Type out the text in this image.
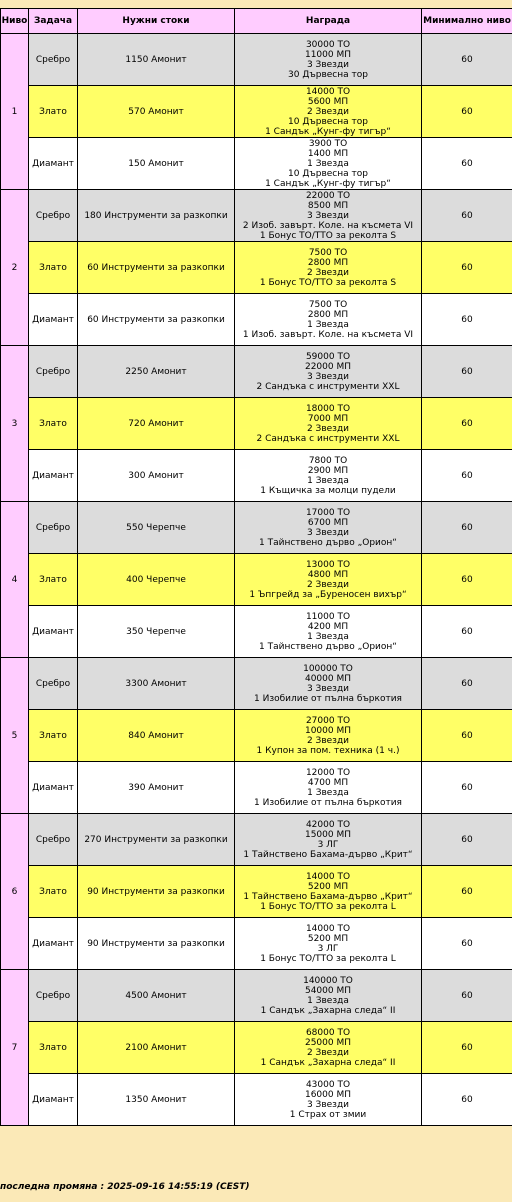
Ниво	Задача	Нужни стоки	Награда	Минимално ниво
1	Сребро	1150 Амонит	30000 ТО
11000 МП
3 Звезди
30 Дървесна тор	60
	Злато	570 Амонит	14000 ТО
5600 МП
2 Звезди
10 Дървесна тор
1 Сандък „Кунг-фу тигър“	60
	Диамант	150 Амонит	3900 ТО
1400 МП
1 Звезда
10 Дървесна тор
1 Сандък „Кунг-фу тигър“	60
2	Сребро	180 Инструменти за разкопки	22000 ТО
8500 МП
3 Звезди
2 Изоб. завърт. Коле. на късмета VI
1 Бонус ТО/ТТО за реколта S	60
	Злато	60 Инструменти за разкопки	7500 ТО
2800 МП
2 Звезди
1 Бонус ТО/ТТО за реколта S	60
	Диамант	60 Инструменти за разкопки	7500 ТО
2800 МП
1 Звезда
1 Изоб. завърт. Коле. на късмета VI	60
3	Сребро	2250 Амонит	59000 ТО
22000 МП
3 Звезди
2 Сандъка с инструменти XXL	60
	Злато	720 Амонит	18000 ТО
7000 МП
2 Звезди
2 Сандъка с инструменти XXL	60
	Диамант	300 Амонит	7800 ТО
2900 МП
1 Звезда
1 Къщичка за молци пудели	60
4	Сребро	550 Черепче	17000 ТО
6700 МП
3 Звезди
1 Тайнствено дърво „Орион“	60
	Злато	400 Черепче	13000 ТО
4800 МП
2 Звезди
1 Ъпгрейд за „Буреносен вихър“	60
	Диамант	350 Черепче	11000 ТО
4200 МП
1 Звезда
1 Тайнствено дърво „Орион“	60
5	Сребро	3300 Амонит	100000 ТО
40000 МП
3 Звезди
1 Изобилие от пълна бъркотия	60
	Злато	840 Амонит	27000 ТО
10000 МП
2 Звезди
1 Купон за пом. техника (1 ч.)	60
	Диамант	390 Амонит	12000 ТО
4700 МП
1 Звезда
1 Изобилие от пълна бъркотия	60
6	Сребро	270 Инструменти за разкопки	42000 ТО
15000 МП
3 ЛГ
1 Тайнствено Бахама-дърво „Крит“	60
	Злато	90 Инструменти за разкопки	14000 ТО
5200 МП
1 Тайнствено Бахама-дърво „Крит“
1 Бонус ТО/ТТО за реколта L	60
	Диамант	90 Инструменти за разкопки	14000 ТО
5200 МП
3 ЛГ
1 Бонус ТО/ТТО за реколта L	60
7	Сребро	4500 Амонит	140000 ТО
54000 МП
1 Звезда
1 Сандък „Захарна следа“ II	60
	Злато	2100 Амонит	68000 ТО
25000 МП
2 Звезди
1 Сандък „Захарна следа“ II	60
	Диамант	1350 Амонит	43000 ТО
16000 МП
3 Звезди
1 Страх от змии	60
последна промяна : 2025-09-16 14:55:19 (CEST)
